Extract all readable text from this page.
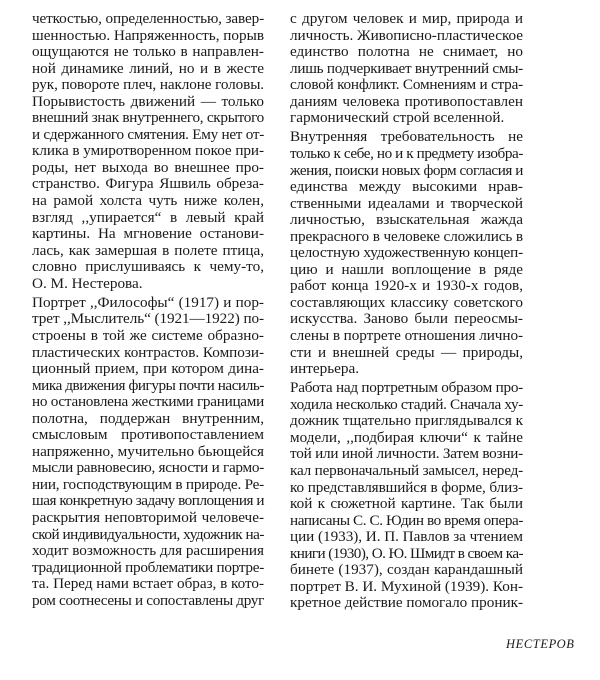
четкостью, определенностью, завер-
шенностью. Напряженность, порыв
ощущаются не только в направлен-
ной динамике линий, но и в жесте
рук, повороте плеч, наклоне головы.
Порывистость движений — только
внешний знак внутреннего, скрытого
и сдержанного смятения. Ему нет от-
клика в умиротворенном покое при-
роды, нет выхода во внешнее про-
странство. Фигура Яшвиль обреза-
на рамой холста чуть ниже колен,
взгляд ,,упирается“ в левый край
картины. На мгновение останови-
лась, как замершая в полете птица,
словно прислушиваясь к чему-то,
О. М. Нестерова.
Портрет ,,Философы“ (1917) и пор-
трет ,,Мыслитель“ (1921—1922) по-
строены в той же системе образно-
пластических контрастов. Компози-
ционный прием, при котором дина-
мика движения фигуры почти насиль-
но остановлена жесткими границами
полотна, поддержан внутренним,
смысловым противопоставлением
напряженно, мучительно бьющейся
мысли равновесию, ясности и гармо-
нии, господствующим в природе. Ре-
шая конкретную задачу воплощения и
раскрытия неповторимой человече-
ской индивидуальности, художник на-
ходит возможность для расширения
традиционной проблематики портре-
та. Перед нами встает образ, в кото-
ром соотнесены и сопоставлены друг
с другом человек и мир, природа и
личность. Живописно-пластическое
единство полотна не снимает, но
лишь подчеркивает внутренний смы-
словой конфликт. Сомнениям и стра-
даниям человека противопоставлен
гармонический строй вселенной.
Внутренняя требовательность не
только к себе, но и к предмету изобра-
жения, поиски новых форм согласия и
единства между высокими нрав-
ственными идеалами и творческой
личностью, взыскательная жажда
прекрасного в человеке сложились в
целостную художественную концеп-
цию и нашли воплощение в ряде
работ конца 1920-х и 1930-х годов,
составляющих классику советского
искусства. Заново были переосмы-
слены в портрете отношения лично-
сти и внешней среды — природы,
интерьера.
Работа над портретным образом про-
ходила несколько стадий. Сначала ху-
дожник тщательно приглядывался к
модели, ,,подбирая ключи“ к тайне
той или иной личности. Затем возни-
кал первоначальный замысел, неред-
ко представлявшийся в форме, близ-
кой к сюжетной картине. Так были
написаны С. С. Юдин во время опера-
ции (1933), И. П. Павлов за чтением
книги (1930), О. Ю. Шмидт в своем ка-
бинете (1937), создан карандашный
портрет В. И. Мухиной (1939). Кон-
кретное действие помогало проник-
НЕСТЕРОВ
